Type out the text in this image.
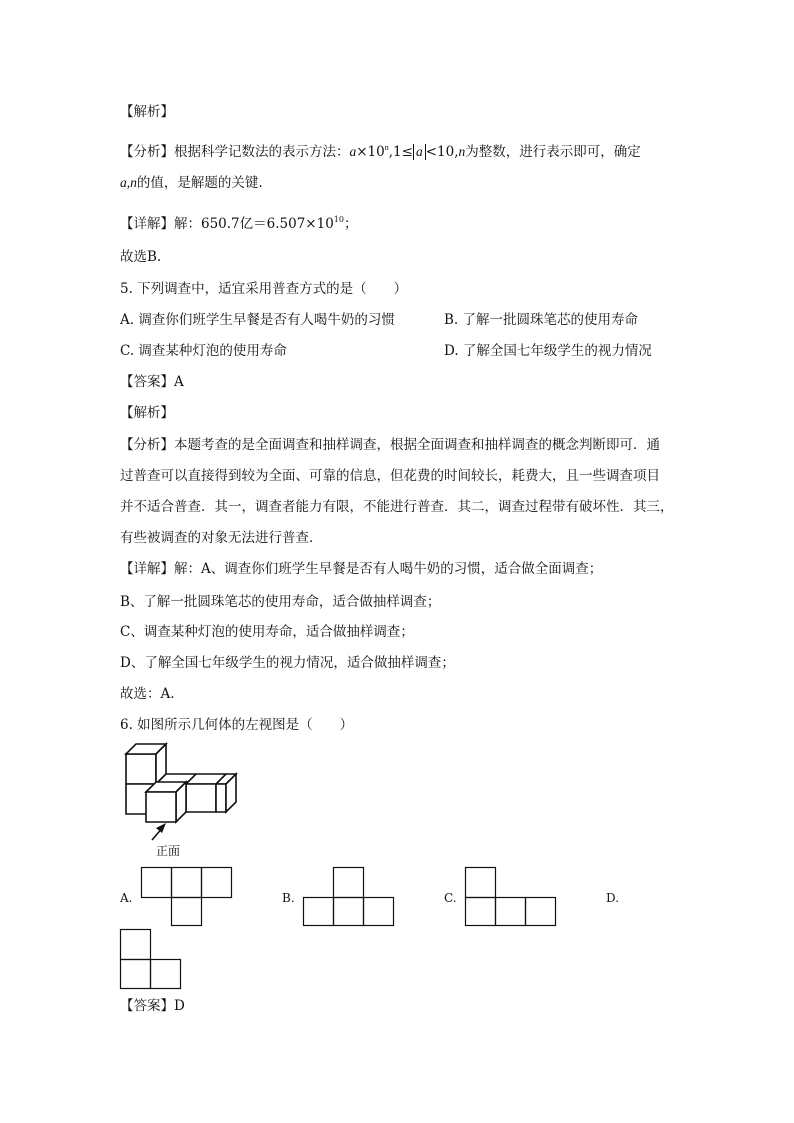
【解析】
【分析】根据科学记数法的表示方法：$a\times 10^n,1\le a <10,n$为整数，进行表示即可，确定
a,n的值，是解题的关键.
【详解】解：650.7亿$=6.507\times 10^{10}$；
故选B.
5. 下列调查中，适宜采用普查方式的是（　　）
A. 调查你们班学生早餐是否有人喝牛奶的习惯	B. 了解一批圆珠笔芯的使用寿命
C. 调查某种灯泡的使用寿命	D. 了解全国七年级学生的视力情况
【答案】A
【解析】
【分析】本题考查的是全面调查和抽样调查，根据全面调查和抽样调查的概念判断即可．通
过普查可以直接得到较为全面、可靠的信息，但花费的时间较长，耗费大，且一些调查项目
并不适合普查．其一，调查者能力有限，不能进行普查．其二，调查过程带有破坏性．其三，
有些被调查的对象无法进行普查．
【详解】解：A、调查你们班学生早餐是否有人喝牛奶的习惯，适合做全面调查；
B、了解一批圆珠笔芯的使用寿命，适合做抽样调查；
C、调查某种灯泡的使用寿命，适合做抽样调查；
D、了解全国七年级学生的视力情况，适合做抽样调查；
故选：A.
6. 如图所示几何体的左视图是（　　）
正面
A.	B.	C.	D.
【答案】D
